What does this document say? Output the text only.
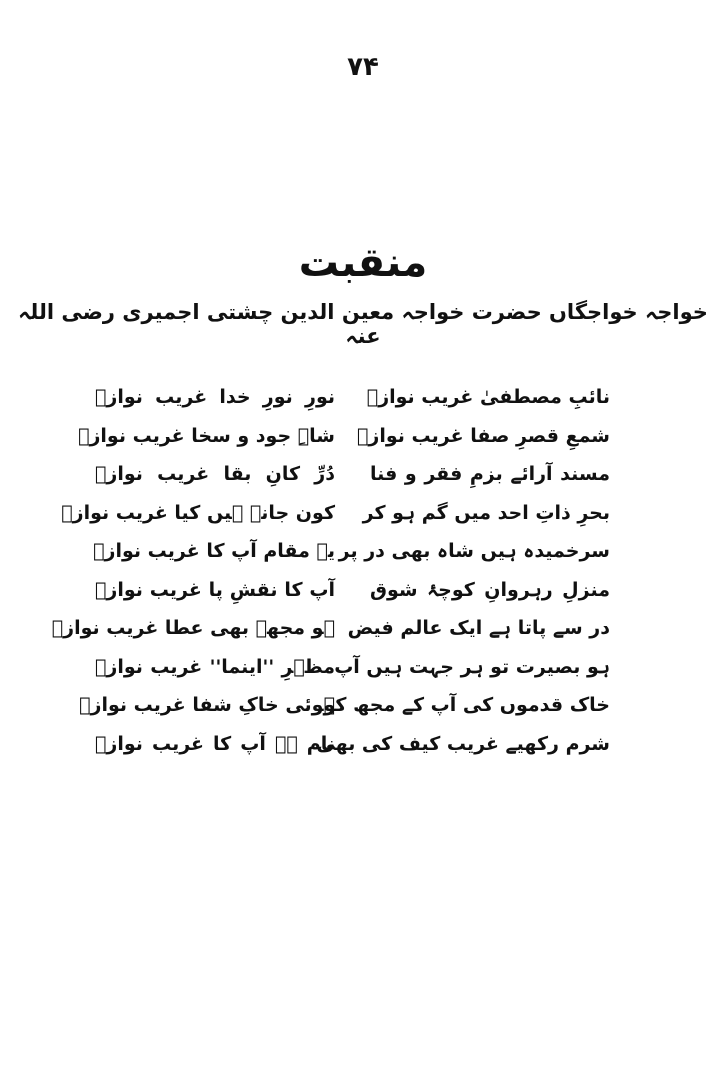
۷۴
منقبت
خواجہ خواجگاں حضرت خواجہ معین الدین چشتی اجمیری رضی اللہ عنہ
نائبِ مصطفیٰ غریب نوازؒ
نورِ نورِ خدا غریب نوازؒ
شمعِ قصرِ صفا غریب نوازؒ
شاہِ جود و سخا غریب نوازؒ
مسند آرائے بزمِ فقر و فنا
دُرِّ کانِ بقا غریب نوازؒ
بحرِ ذاتِ احد میں گم ہو کر
کون جانے ہیں کیا غریب نوازؒ
سرخمیدہ ہیں شاہ بھی در پر
یہ مقام آپ کا غریب نوازؒ
منزلِ رہروانِ کوچۂ شوق
آپ کا نقشِ پا غریب نوازؒ
در سے پاتا ہے ایک عالم فیض
ہو مجھے بھی عطا غریب نوازؒ
ہو بصیرت تو ہر جہت ہیں آپ
مظہرِ ''اینما'' غریب نوازؒ
خاک قدموں کی آپ کے مجھ کو
ہوئی خاکِ شفا غریب نوازؒ
شرم رکھیے غریب کیف کی بھی
نام ہے آپ کا غریب نوازؒ
